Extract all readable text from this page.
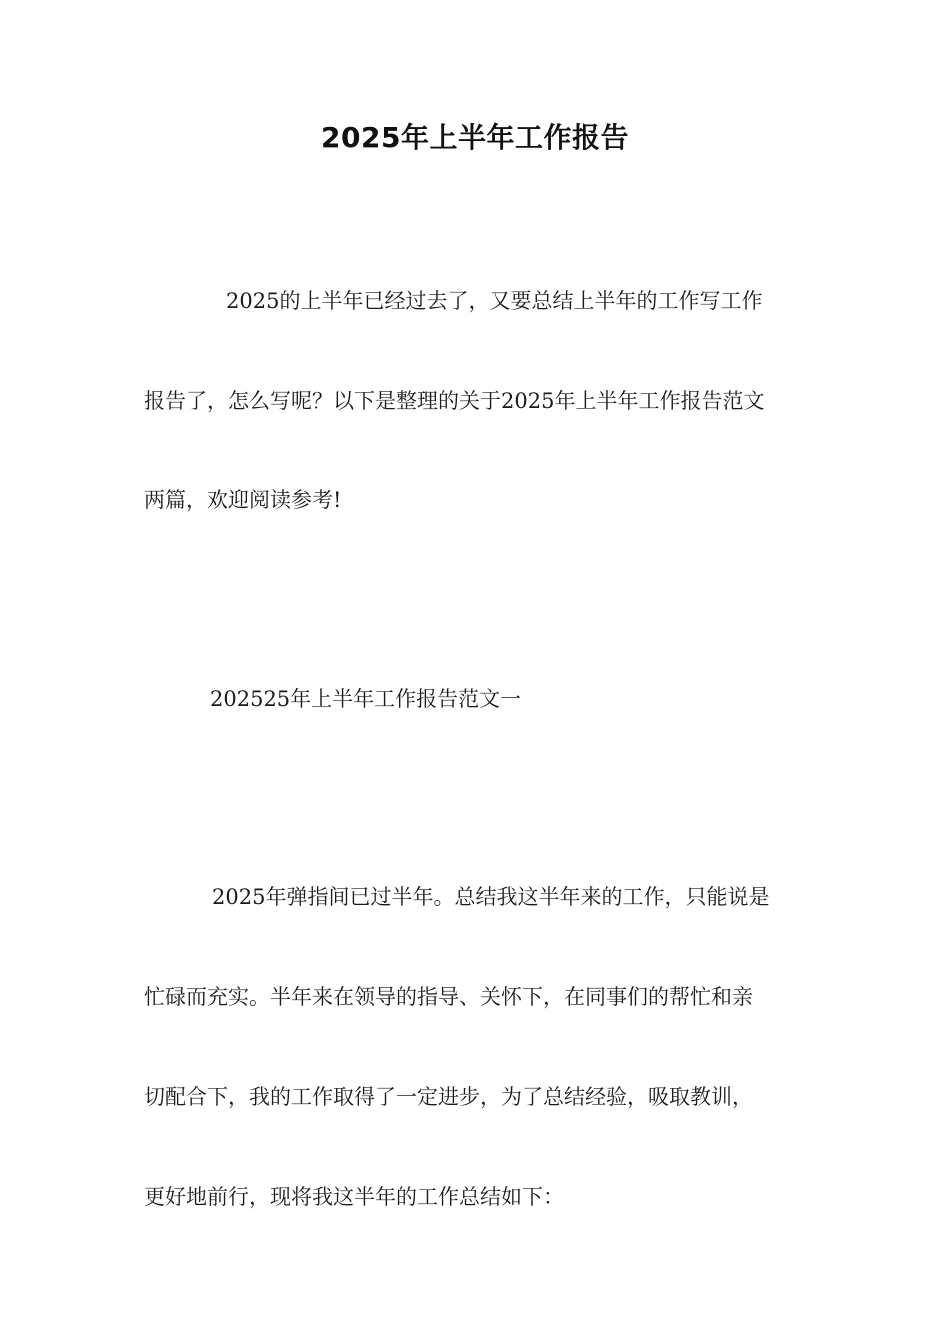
2025年上半年工作报告
2025的上半年已经过去了，又要总结上半年的工作写工作
报告了，怎么写呢？以下是整理的关于2025年上半年工作报告范文
两篇，欢迎阅读参考!
202525年上半年工作报告范文一
2025年弹指间已过半年。总结我这半年来的工作，只能说是
忙碌而充实。半年来在领导的指导、关怀下，在同事们的帮忙和亲
切配合下，我的工作取得了一定进步，为了总结经验，吸取教训，
更好地前行，现将我这半年的工作总结如下：
